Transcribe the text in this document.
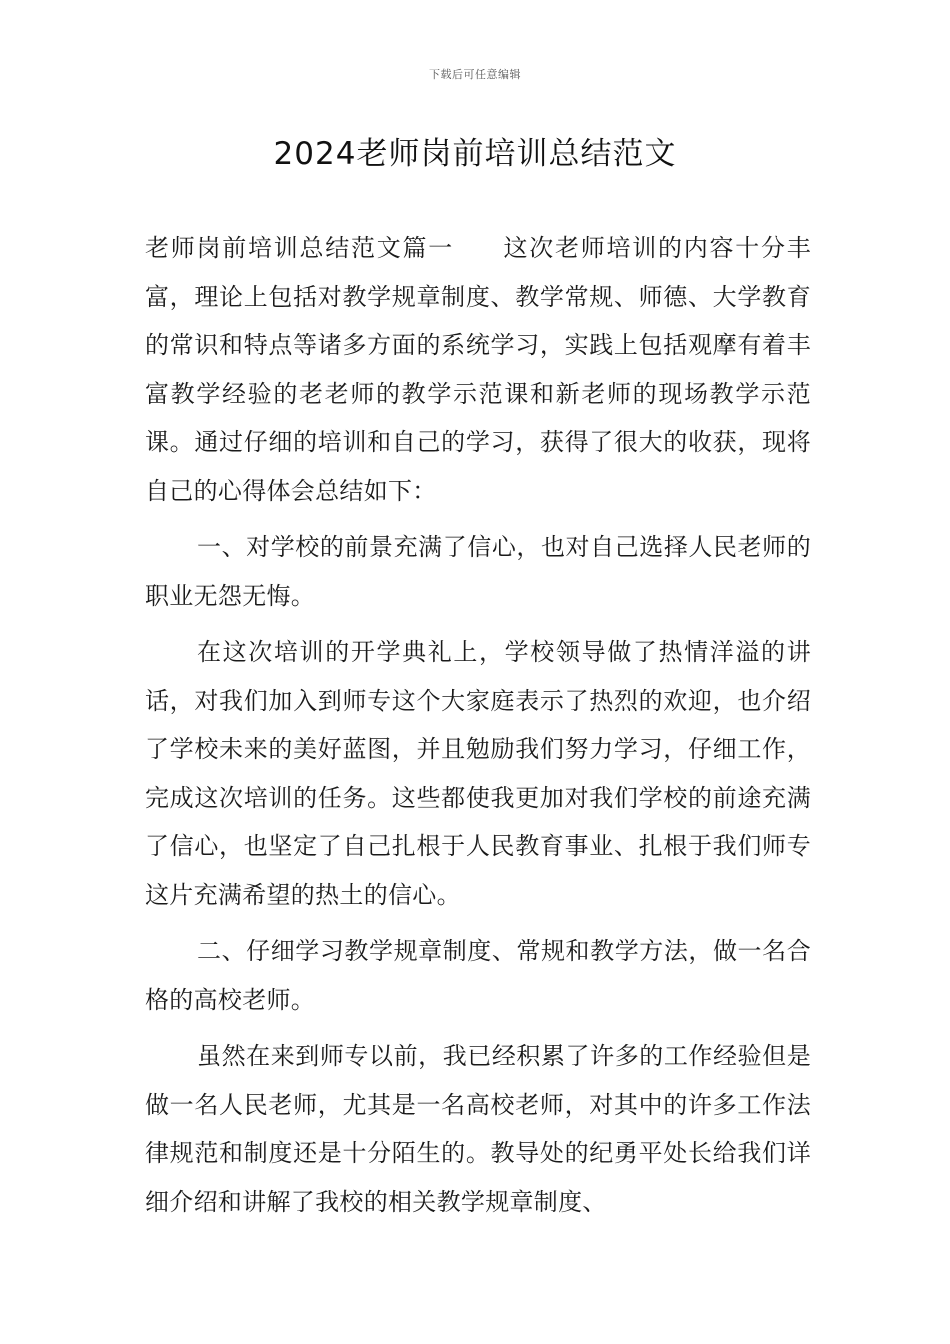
下载后可任意编辑
2024老师岗前培训总结范文

老师岗前培训总结范文篇一 这次老师培训的内容十分丰富，理论上包括对教学规章制度、教学常规、师德、大学教育的常识和特点等诸多方面的系统学习，实践上包括观摩有着丰富教学经验的老老师的教学示范课和新老师的现场教学示范课。通过仔细的培训和自己的学习，获得了很大的收获，现将自己的心得体会总结如下：

一、对学校的前景充满了信心，也对自己选择人民老师的职业无怨无悔。

在这次培训的开学典礼上，学校领导做了热情洋溢的讲话，对我们加入到师专这个大家庭表示了热烈的欢迎，也介绍了学校未来的美好蓝图，并且勉励我们努力学习，仔细工作，完成这次培训的任务。这些都使我更加对我们学校的前途充满了信心，也坚定了自己扎根于人民教育事业、扎根于我们师专这片充满希望的热土的信心。

二、仔细学习教学规章制度、常规和教学方法，做一名合格的高校老师。

虽然在来到师专以前，我已经积累了许多的工作经验但是做一名人民老师，尤其是一名高校老师，对其中的许多工作法律规范和制度还是十分陌生的。教导处的纪勇平处长给我们详细介绍和讲解了我校的相关教学规章制度、
